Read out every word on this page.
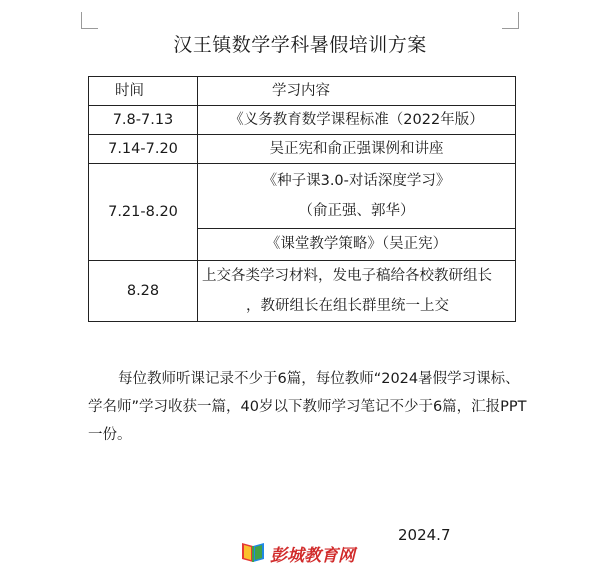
汉王镇数学学科暑假培训方案
时间	学习内容
7.8-7.13	《义务教育数学课程标准（2022年版）

7.14-7.20	吴正宪和俞正强课例和讲座

7.21-8.20	《种子课3.0-对话深度学习》
（俞正强、郭华）

	《课堂教学策略》（吴正宪）

8.28	上交各类学习材料，发电子稿给各校教研组长
，教研组长在组长群里统一上交
每位教师听课记录不少于6篇，每位教师“2024暑假学习课标、学名师”学习收获一篇，40岁以下教师学习笔记不少于6篇，汇报PPT一份。
2024.7
彭城教育网
